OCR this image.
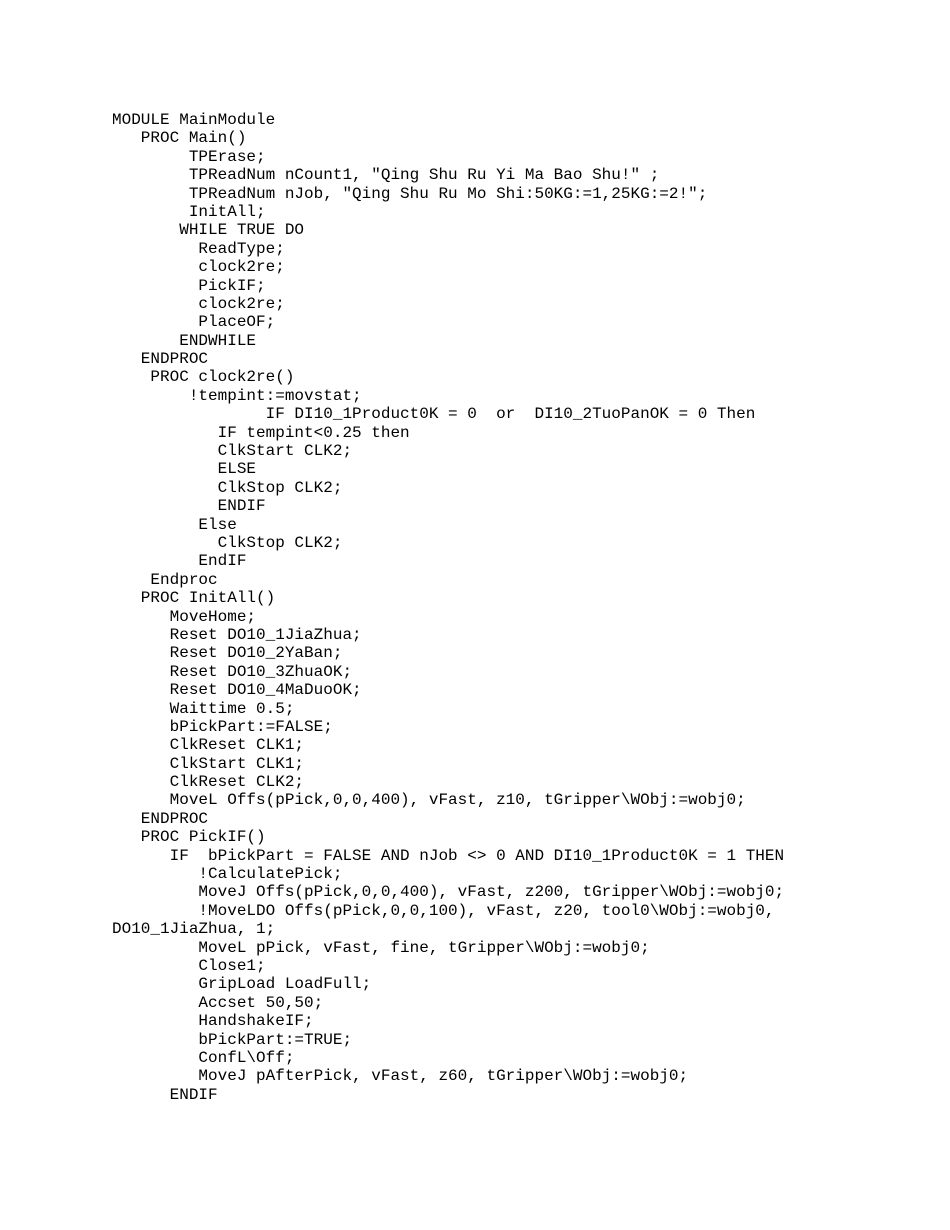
MODULE MainModule
PROC Main()
TPErase;
TPReadNum nCount1, "Qing Shu Ru Yi Ma Bao Shu!" ;
TPReadNum nJob, "Qing Shu Ru Mo Shi:50KG:=1,25KG:=2!";
InitAll;
WHILE TRUE DO
ReadType;
clock2re;
PickIF;
clock2re;
PlaceOF;
ENDWHILE
ENDPROC
PROC clock2re()
!tempint:=movstat;
IF DI10_1Product0K = 0  or  DI10_2TuoPanOK = 0 Then
IF tempint<0.25 then
ClkStart CLK2;
ELSE
ClkStop CLK2;
ENDIF
Else
ClkStop CLK2;
EndIF
Endproc
PROC InitAll()
MoveHome;
Reset DO10_1JiaZhua;
Reset DO10_2YaBan;
Reset DO10_3ZhuaOK;
Reset DO10_4MaDuoOK;
Waittime 0.5;
bPickPart:=FALSE;
ClkReset CLK1;
ClkStart CLK1;
ClkReset CLK2;
MoveL Offs(pPick,0,0,400), vFast, z10, tGripper\WObj:=wobj0;
ENDPROC
PROC PickIF()
IF  bPickPart = FALSE AND nJob <> 0 AND DI10_1Product0K = 1 THEN
!CalculatePick;
MoveJ Offs(pPick,0,0,400), vFast, z200, tGripper\WObj:=wobj0;
!MoveLDO Offs(pPick,0,0,100), vFast, z20, tool0\WObj:=wobj0,
DO10_1JiaZhua, 1;
MoveL pPick, vFast, fine, tGripper\WObj:=wobj0;
Close1;
GripLoad LoadFull;
Accset 50,50;
HandshakeIF;
bPickPart:=TRUE;
ConfL\Off;
MoveJ pAfterPick, vFast, z60, tGripper\WObj:=wobj0;
ENDIF
